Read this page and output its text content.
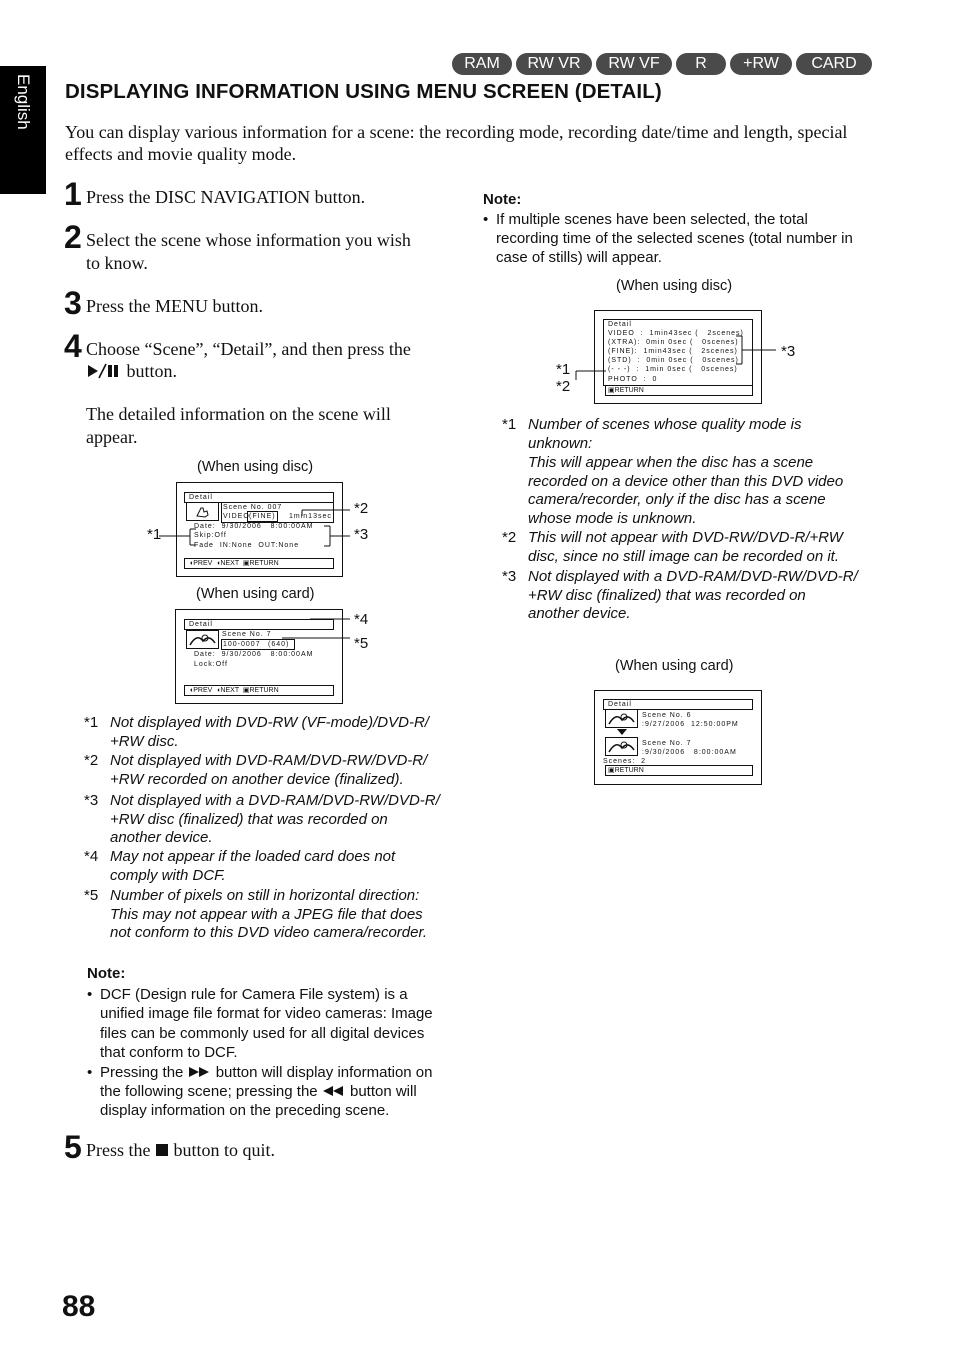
English
RAM	RW VR	RW VF	R	+RW	CARD
DISPLAYING INFORMATION USING MENU SCREEN (DETAIL)
You can display various information for a scene: the recording mode, recording date/time and length, special effects and movie quality mode.
1 Press the DISC NAVIGATION button.
2 Select the scene whose information you wish
to know.
3 Press the MENU button.
4 Choose “Scene”, “Detail”, and then press the
button.
The detailed information on the scene will
appear.
(When using disc)
Detail
Scene No. 007
VIDEO (FINE) 1min13sec
Date:  9/30/2006   8:00:00AM
Skip:Off
Fade  IN:None  OUT:None
◖PREV ◖NEXT ▣RETURN
*1
*2
*3
(When using card)
Detail
Scene No. 7
100-0007 (640)
Date:  9/30/2006   8:00:00AM
Lock:Off
◖PREV ◖NEXT ▣RETURN
*4
*5
*1 Not displayed with DVD-RW (VF-mode)/DVD-R/
+RW disc.
*2 Not displayed with DVD-RAM/DVD-RW/DVD-R/
+RW recorded on another device (finalized).
*3 Not displayed with a DVD-RAM/DVD-RW/DVD-R/
+RW disc (finalized) that was recorded on
another device.
*4 May not appear if the loaded card does not
comply with DCF.
*5 Number of pixels on still in horizontal direction:
This may not appear with a JPEG file that does
not conform to this DVD video camera/recorder.
Note:
• DCF (Design rule for Camera File system) is a
unified image file format for video cameras: Image
files can be commonly used for all digital devices
that conform to DCF.
• Pressing the  button will display information on
the following scene; pressing the  button will
display information on the preceding scene.
5 Press the  button to quit.
Note:
• If multiple scenes have been selected, the total
recording time of the selected scenes (total number in
case of stills) will appear.
(When using disc)
Detail
VIDEO  :  1min43sec (   2scenes)
(XTRA):  0min 0sec (   0scenes)
(FINE):  1min43sec (   2scenes)
(STD)  :  0min 0sec (   0scenes)
(- - -)  :  1min 0sec (   0scenes)
PHOTO  :  0
▣RETURN
*1
*2
*3
*1 Number of scenes whose quality mode is
unknown:
This will appear when the disc has a scene
recorded on a device other than this DVD video
camera/recorder, only if the disc has a scene
whose mode is unknown.
*2 This will not appear with DVD-RW/DVD-R/+RW
disc, since no still image can be recorded on it.
*3 Not displayed with a DVD-RAM/DVD-RW/DVD-R/
+RW disc (finalized) that was recorded on
another device.
(When using card)
Detail
Scene No. 6
:9/27/2006  12:50:00PM
Scene No. 7
:9/30/2006   8:00:00AM
Scenes:  2
▣RETURN
88
